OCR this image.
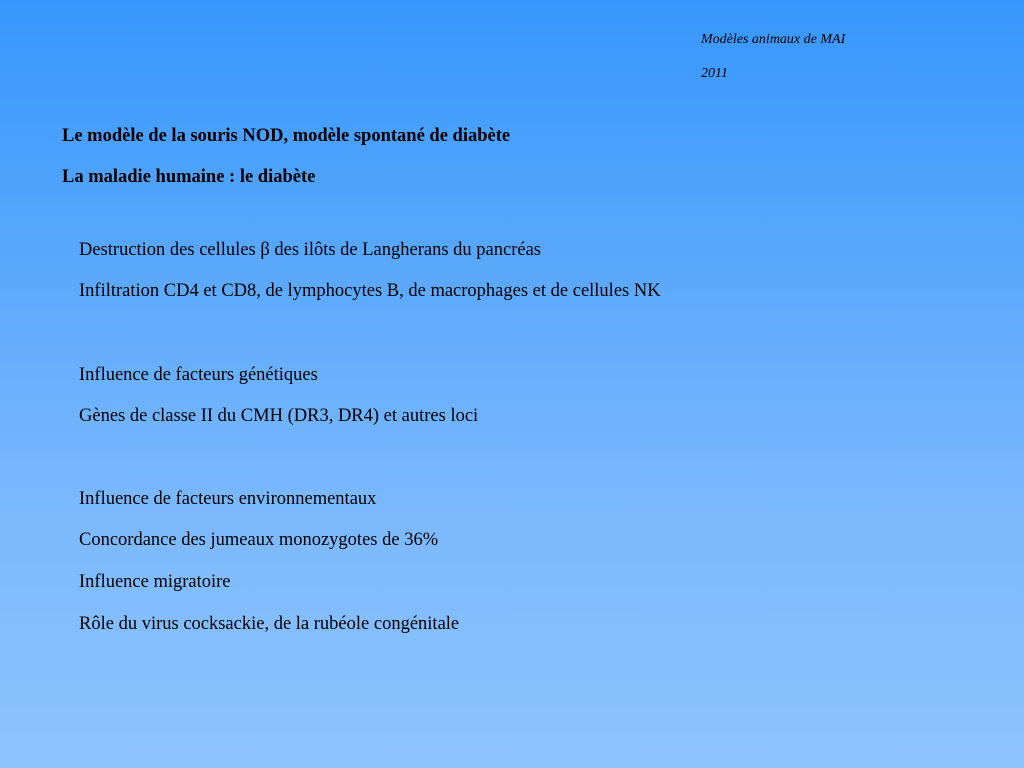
Modèles animaux de MAI
2011
Le modèle de la souris NOD, modèle spontané de diabète
La maladie humaine : le diabète
Destruction des cellules β des ilôts de Langherans du pancréas
Infiltration CD4 et CD8, de lymphocytes B, de macrophages et de cellules NK
Influence de facteurs génétiques
Gènes de classe II du CMH (DR3, DR4) et autres loci
Influence de facteurs environnementaux
Concordance des jumeaux monozygotes de 36%
Influence migratoire
Rôle du virus cocksackie, de la rubéole congénitale
